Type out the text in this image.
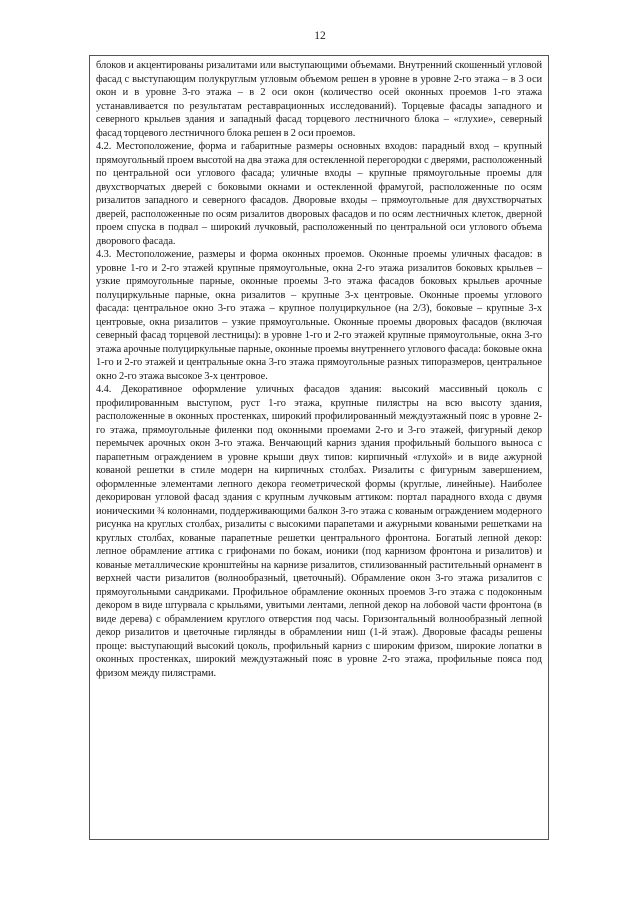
12

блоков и акцентированы ризалитами или выступающими объемами. Внутренний скошенный угловой фасад с выступающим полукруглым угловым объемом решен в уровне в уровне 2-го этажа – в 3 оси окон и в уровне 3-го этажа – в 2 оси окон (количество осей оконных проемов 1-го этажа устанавливается по результатам реставрационных исследований). Торцевые фасады западного и северного крыльев здания и западный фасад торцевого лестничного блока – «глухие», северный фасад торцевого лестничного блока решен в 2 оси проемов.

4.2. Местоположение, форма и габаритные размеры основных входов: парадный вход – крупный прямоугольный проем высотой на два этажа для остекленной перегородки с дверями, расположенный по центральной оси углового фасада; уличные входы – крупные прямоугольные проемы для двухстворчатых дверей с боковыми окнами и остекленной фрамугой, расположенные по осям ризалитов западного и северного фасадов. Дворовые входы – прямоугольные для двухстворчатых дверей, расположенные по осям ризалитов дворовых фасадов и по осям лестничных клеток, дверной проем спуска в подвал – широкий лучковый, расположенный по центральной оси углового объема дворового фасада.

4.3. Местоположение, размеры и форма оконных проемов. Оконные проемы уличных фасадов: в уровне 1-го и 2-го этажей крупные прямоугольные, окна 2-го этажа ризалитов боковых крыльев – узкие прямоугольные парные, оконные проемы 3-го этажа фасадов боковых крыльев арочные полуциркульные парные, окна ризалитов – крупные 3-х центровые. Оконные проемы углового фасада: центральное окно 3-го этажа – крупное полуциркульное (на 2/3), боковые – крупные 3-х центровые, окна ризалитов – узкие прямоугольные. Оконные проемы дворовых фасадов (включая северный фасад торцевой лестницы): в уровне 1-го и 2-го этажей крупные прямоугольные, окна 3-го этажа арочные полуциркульные парные, оконные проемы внутреннего углового фасада: боковые окна 1-го и 2-го этажей и центральные окна 3-го этажа прямоугольные разных типоразмеров, центральное окно 2-го этажа высокое 3-х центровое.

4.4. Декоративное оформление уличных фасадов здания: высокий массивный цоколь с профилированным выступом, руст 1-го этажа, крупные пилястры на всю высоту здания, расположенные в оконных простенках, широкий профилированный междуэтажный пояс в уровне 2-го этажа, прямоугольные филенки под оконными проемами 2-го и 3-го этажей, фигурный декор перемычек арочных окон 3-го этажа. Венчающий карниз здания профильный большого выноса с парапетным ограждением в уровне крыши двух типов: кирпичный «глухой» и в виде ажурной кованой решетки в стиле модерн на кирпичных столбах. Ризалиты с фигурным завершением, оформленные элементами лепного декора геометрической формы (круглые, линейные). Наиболее декорирован угловой фасад здания с крупным лучковым аттиком: портал парадного входа с двумя ионическими ¾ колоннами, поддерживающими балкон 3-го этажа с кованым ограждением модерного рисунка на круглых столбах, ризалиты с высокими парапетами и ажурными коваными решетками на круглых столбах, кованые парапетные решетки центрального фронтона. Богатый лепной декор: лепное обрамление аттика с грифонами по бокам, ионики (под карнизом фронтона и ризалитов) и кованые металлические кронштейны на карнизе ризалитов, стилизованный растительный орнамент в верхней части ризалитов (волнообразный, цветочный). Обрамление окон 3-го этажа ризалитов с прямоугольными сандриками. Профильное обрамление оконных проемов 3-го этажа с подоконным декором в виде штурвала с крыльями, увитыми лентами, лепной декор на лобовой части фронтона (в виде дерева) с обрамлением круглого отверстия под часы. Горизонтальный волнообразный лепной декор ризалитов и цветочные гирлянды в обрамлении ниш (1-й этаж). Дворовые фасады решены проще: выступающий высокий цоколь, профильный карниз с широким фризом, широкие лопатки в оконных простенках, широкий междуэтажный пояс в уровне 2-го этажа, профильные пояса под фризом между пилястрами.
